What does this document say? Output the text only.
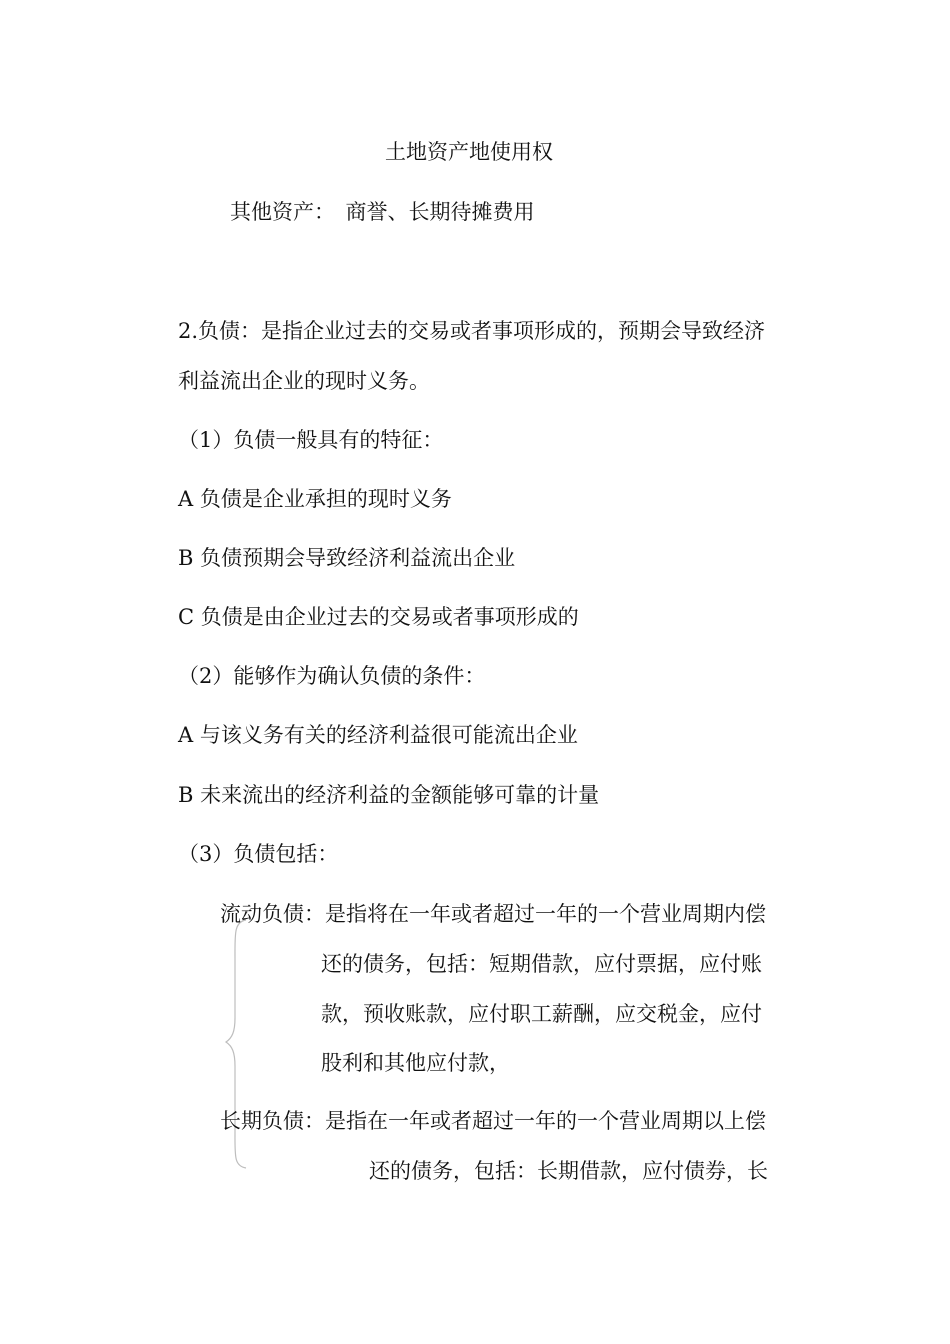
土地资产地使用权

其他资产：　商誉、长期待摊费用

2.负债：是指企业过去的交易或者事项形成的，预期会导致经济

利益流出企业的现时义务。

（1）负债一般具有的特征：

A 负债是企业承担的现时义务

B 负债预期会导致经济利益流出企业

C 负债是由企业过去的交易或者事项形成的

（2）能够作为确认负债的条件：

A 与该义务有关的经济利益很可能流出企业

B 未来流出的经济利益的金额能够可靠的计量

（3）负债包括：

流动负债：是指将在一年或者超过一年的一个营业周期内偿

还的债务，包括：短期借款，应付票据，应付账

款，预收账款，应付职工薪酬，应交税金，应付

股利和其他应付款，

长期负债：是指在一年或者超过一年的一个营业周期以上偿

还的债务，包括：长期借款，应付债券，长
